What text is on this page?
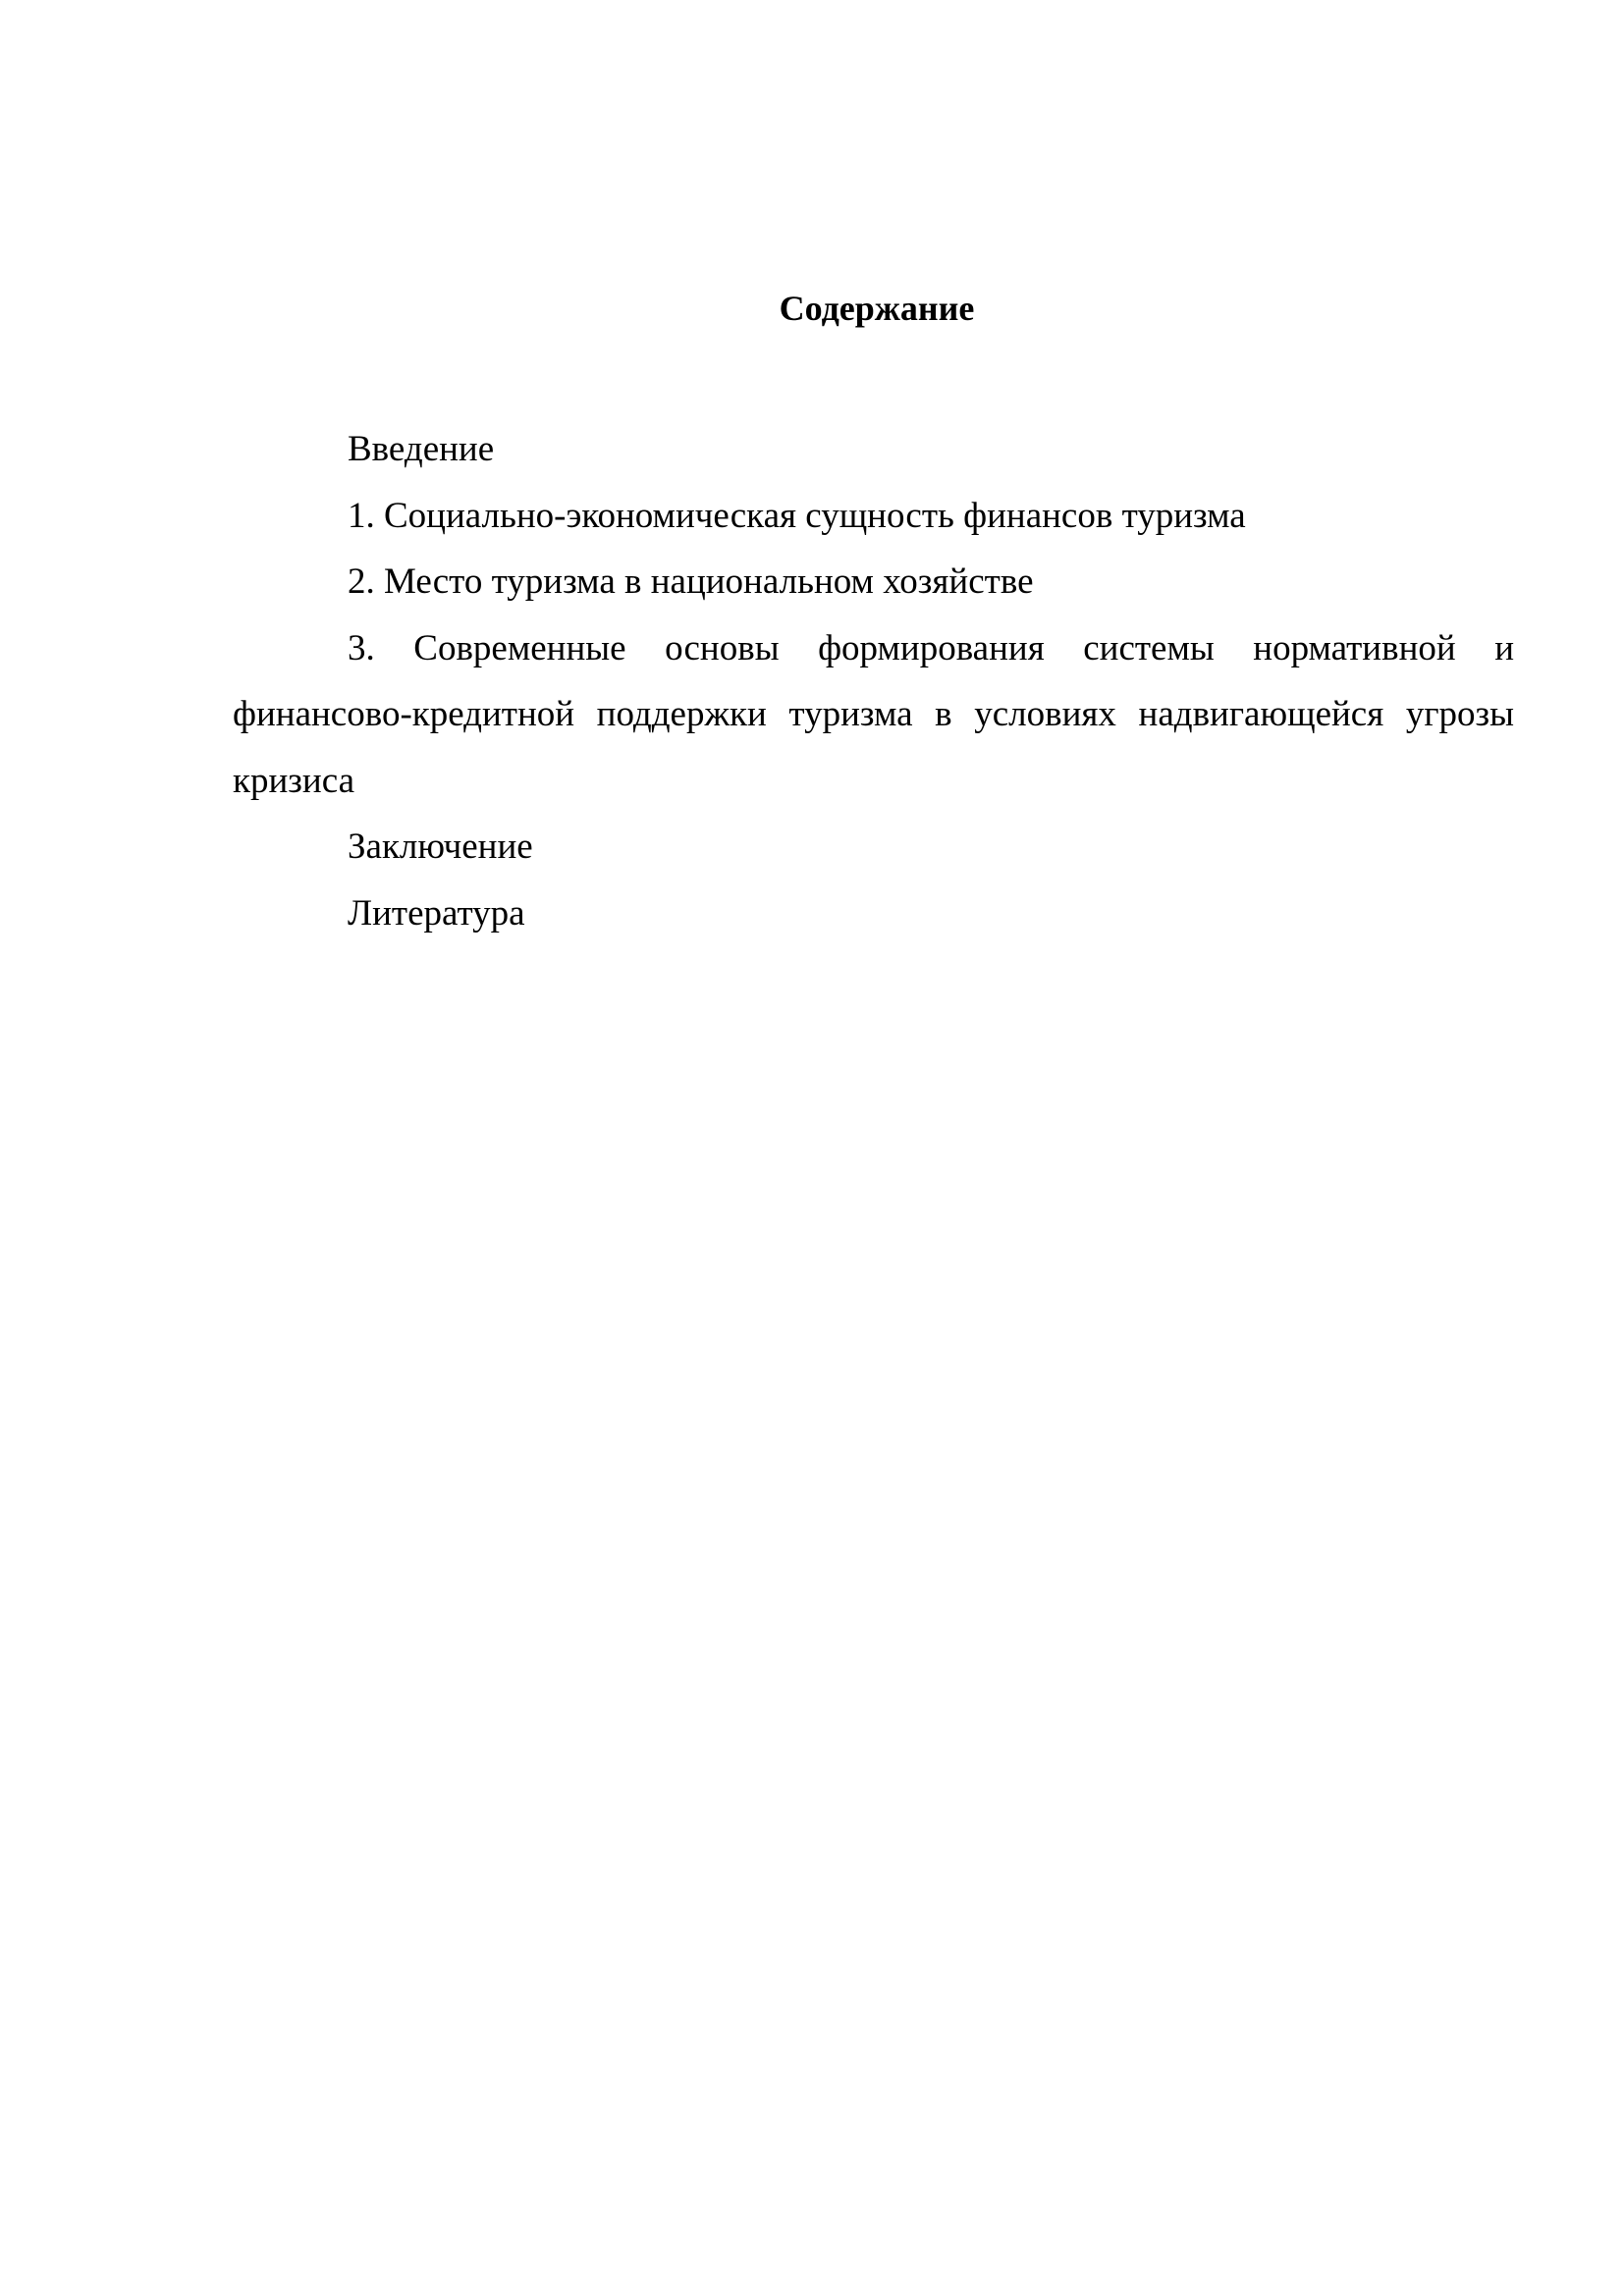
Содержание
Введение
1. Социально-экономическая сущность финансов туризма
2. Место туризма в национальном хозяйстве
3. Современные основы формирования системы нормативной и финансово-кредитной поддержки туризма в условиях надвигающейся угрозы кризиса
Заключение
Литература
